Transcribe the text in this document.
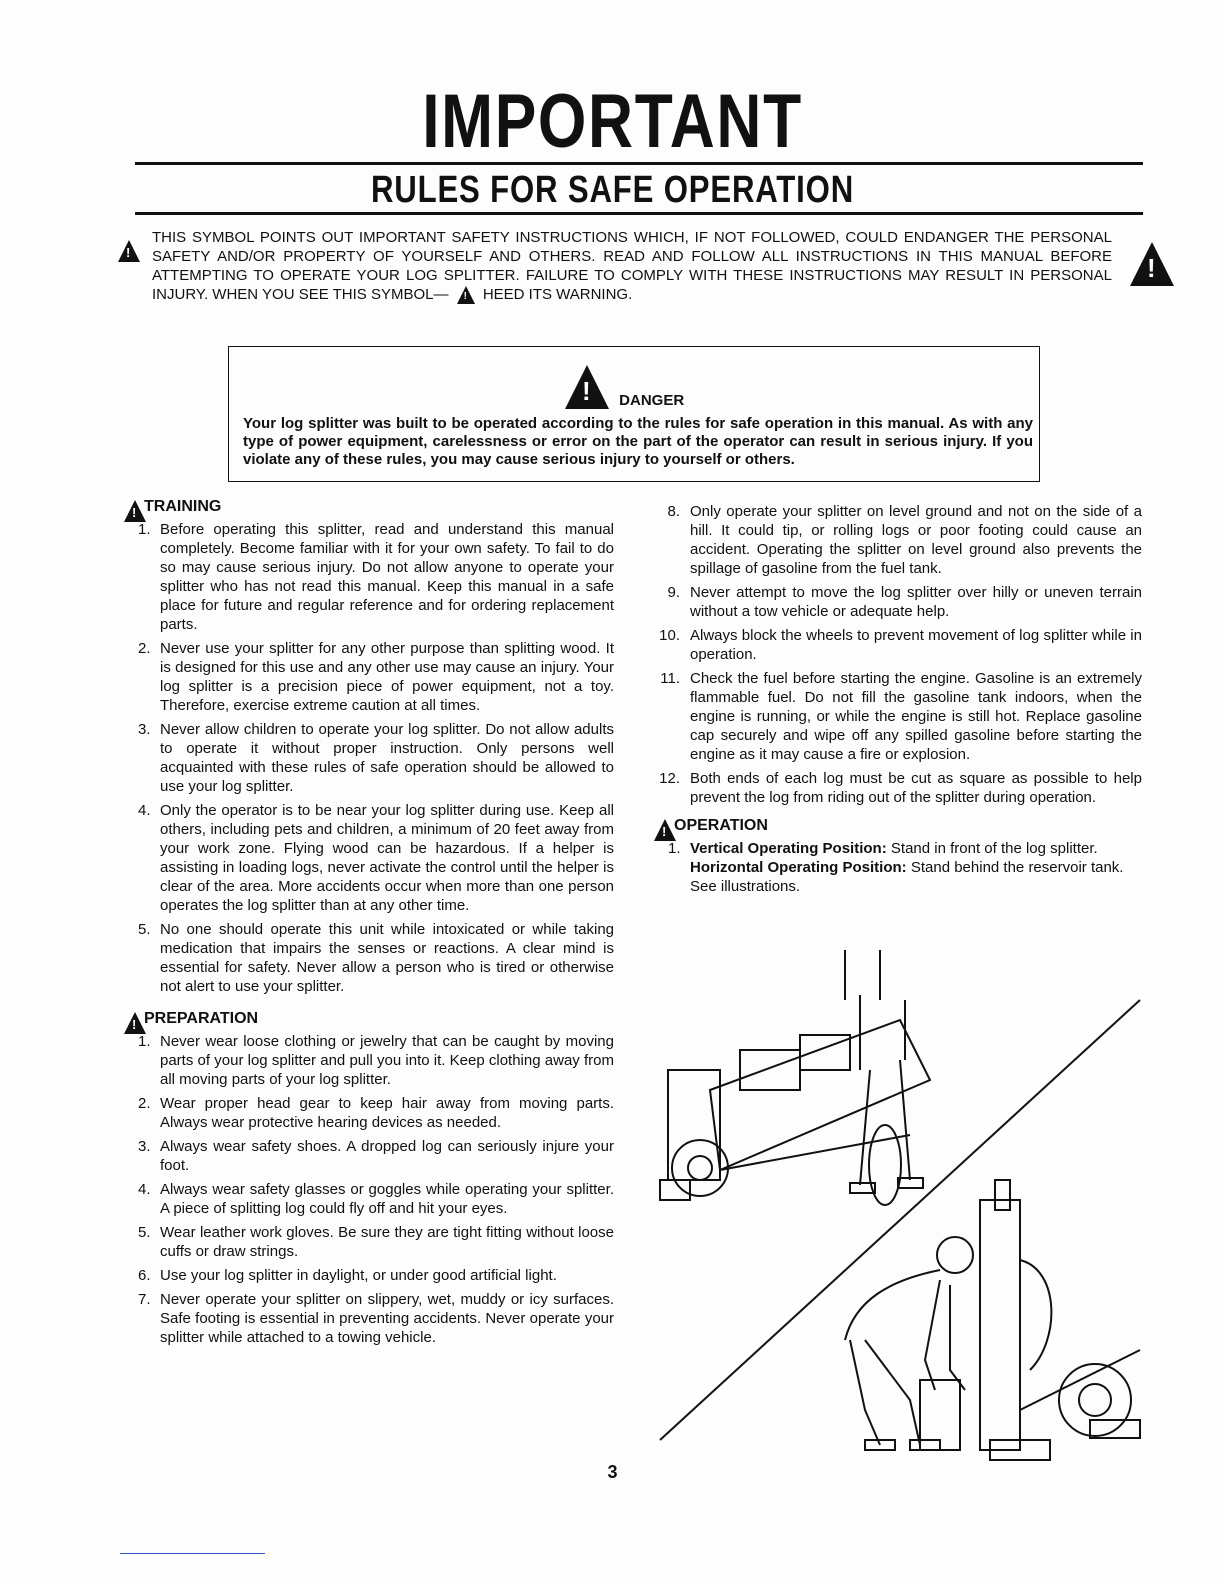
IMPORTANT
RULES FOR SAFE OPERATION
!
THIS SYMBOL POINTS OUT IMPORTANT SAFETY INSTRUCTIONS WHICH, IF NOT FOLLOWED, COULD ENDANGER THE PERSONAL SAFETY AND/OR PROPERTY OF YOURSELF AND OTHERS. READ AND FOLLOW ALL INSTRUCTIONS IN THIS MANUAL BEFORE ATTEMPTING TO OPERATE YOUR LOG SPLITTER. FAILURE TO COMPLY WITH THESE INSTRUCTIONS MAY RESULT IN PERSONAL INJURY. WHEN YOU SEE THIS SYMBOL— ! HEED ITS WARNING.
!
! DANGER
Your log splitter was built to be operated according to the rules for safe operation in this manual. As with any type of power equipment, carelessness or error on the part of the operator can result in serious injury. If you violate any of these rules, you may cause serious injury to yourself or others.
!
TRAINING
1. Before operating this splitter, read and understand this manual completely. Become familiar with it for your own safety. To fail to do so may cause serious injury. Do not allow anyone to operate your splitter who has not read this manual. Keep this manual in a safe place for future and regular reference and for ordering replacement parts.
2. Never use your splitter for any other purpose than splitting wood. It is designed for this use and any other use may cause an injury. Your log splitter is a precision piece of power equipment, not a toy. Therefore, exercise extreme caution at all times.
3. Never allow children to operate your log splitter. Do not allow adults to operate it without proper instruction. Only persons well acquainted with these rules of safe operation should be allowed to use your log splitter.
4. Only the operator is to be near your log splitter during use. Keep all others, including pets and children, a minimum of 20 feet away from your work zone. Flying wood can be hazardous. If a helper is assisting in loading logs, never activate the control until the helper is clear of the area. More accidents occur when more than one person operates the log splitter than at any other time.
5. No one should operate this unit while intoxicated or while taking medication that impairs the senses or reactions. A clear mind is essential for safety. Never allow a person who is tired or otherwise not alert to use your splitter.
!
PREPARATION
1. Never wear loose clothing or jewelry that can be caught by moving parts of your log splitter and pull you into it. Keep clothing away from all moving parts of your log splitter.
2. Wear proper head gear to keep hair away from moving parts. Always wear protective hearing devices as needed.
3. Always wear safety shoes. A dropped log can seriously injure your foot.
4. Always wear safety glasses or goggles while operating your splitter. A piece of splitting log could fly off and hit your eyes.
5. Wear leather work gloves. Be sure they are tight fitting without loose cuffs or draw strings.
6. Use your log splitter in daylight, or under good artificial light.
7. Never operate your splitter on slippery, wet, muddy or icy surfaces. Safe footing is essential in preventing accidents. Never operate your splitter while attached to a towing vehicle.
8. Only operate your splitter on level ground and not on the side of a hill. It could tip, or rolling logs or poor footing could cause an accident. Operating the splitter on level ground also prevents the spillage of gasoline from the fuel tank.
9. Never attempt to move the log splitter over hilly or uneven terrain without a tow vehicle or adequate help.
10. Always block the wheels to prevent movement of log splitter while in operation.
11. Check the fuel before starting the engine. Gasoline is an extremely flammable fuel. Do not fill the gasoline tank indoors, when the engine is running, or while the engine is still hot. Replace gasoline cap securely and wipe off any spilled gasoline before starting the engine as it may cause a fire or explosion.
12. Both ends of each log must be cut as square as possible to help prevent the log from riding out of the splitter during operation.
!
OPERATION
1. Vertical Operating Position: Stand in front of the log splitter.
Horizontal Operating Position: Stand behind the reservoir tank.
See illustrations.
3
